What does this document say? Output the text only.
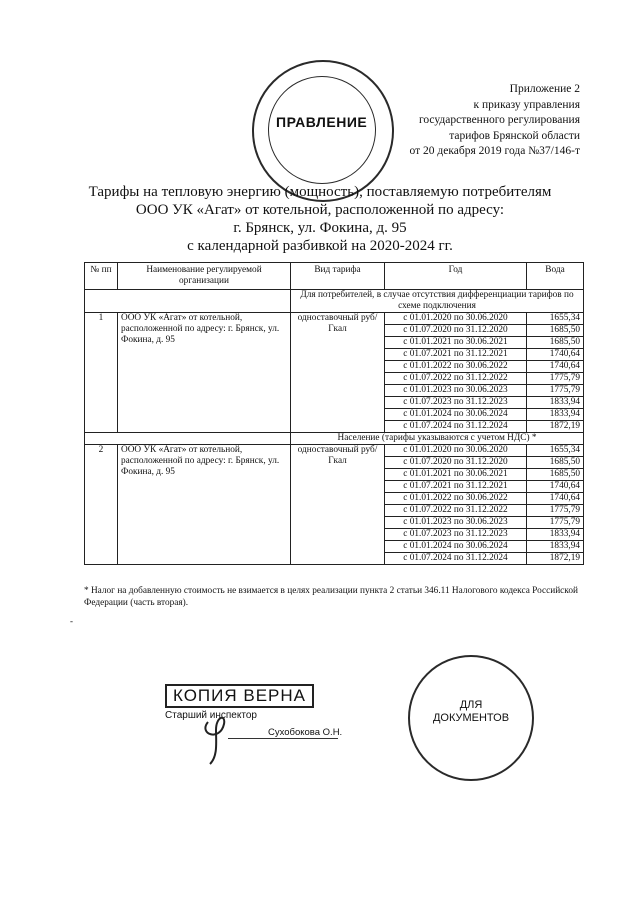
ПРАВЛЕНИЕ
Приложение 2
к приказу управления
государственного регулирования
тарифов Брянской области
от 20 декабря 2019 года №37/146-т
Тарифы на тепловую энергию (мощность), поставляемую потребителям
ООО УК «Агат» от котельной, расположенной по адресу:
г. Брянск, ул. Фокина, д. 95
с календарной разбивкой на 2020-2024 гг.
№ пп	Наименование регулируемой организации	Вид тарифа	Год	Вода
		Для потребителей, в случае отсутствия дифференциации тарифов по схеме подключения		
1	ООО УК «Агат» от котельной, расположенной по адресу: г. Брянск, ул. Фокина, д. 95	одноставочный руб/Гкал	с 01.01.2020 по 30.06.2020	1655,34
			с 01.07.2020 по 31.12.2020	1685,50
			с 01.01.2021 по 30.06.2021	1685,50
			с 01.07.2021 по 31.12.2021	1740,64
			с 01.01.2022 по 30.06.2022	1740,64
			с 01.07.2022 по 31.12.2022	1775,79
			с 01.01.2023 по 30.06.2023	1775,79
			с 01.07.2023 по 31.12.2023	1833,94
			с 01.01.2024 по 30.06.2024	1833,94
			с 01.07.2024 по 31.12.2024	1872,19
		Население (тарифы указываются с учетом НДС) *		
2	ООО УК «Агат» от котельной, расположенной по адресу: г. Брянск, ул. Фокина, д. 95	одноставочный руб/Гкал	с 01.01.2020 по 30.06.2020	1655,34
			с 01.07.2020 по 31.12.2020	1685,50
			с 01.01.2021 по 30.06.2021	1685,50
			с 01.07.2021 по 31.12.2021	1740,64
			с 01.01.2022 по 30.06.2022	1740,64
			с 01.07.2022 по 31.12.2022	1775,79
			с 01.01.2023 по 30.06.2023	1775,79
			с 01.07.2023 по 31.12.2023	1833,94
			с 01.01.2024 по 30.06.2024	1833,94
			с 01.07.2024 по 31.12.2024	1872,19
* Налог на добавленную стоимость не взимается в целях реализации пункта 2 статьи 346.11 Налогового кодекса Российской Федерации (часть вторая).
-
КОПИЯ ВЕРНА
Старший инспектор
Сухобокова О.Н.
ДЛЯ
ДОКУМЕНТОВ
